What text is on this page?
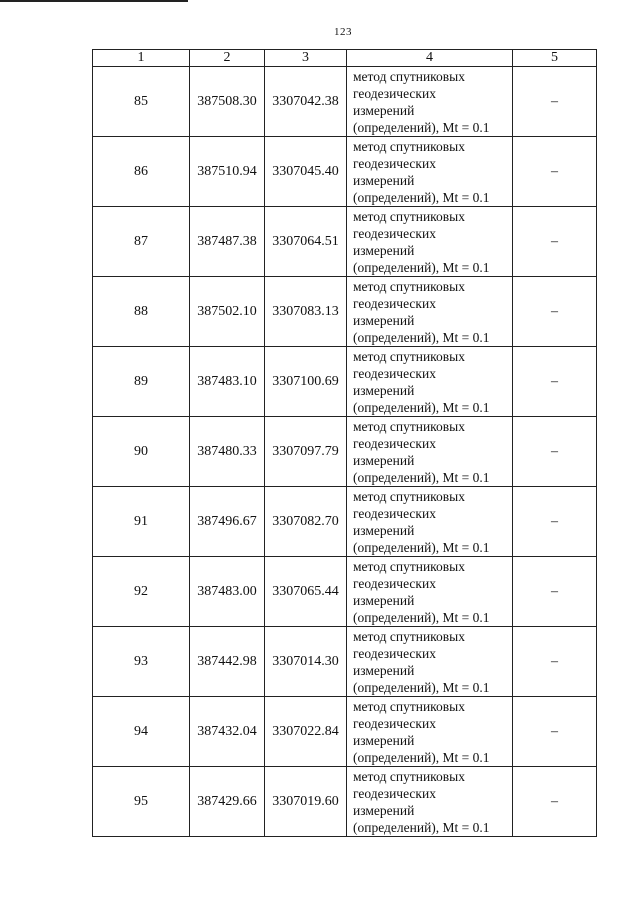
123
1	2	3	4	5
85	387508.30	3307042.38	метод спутниковых
геодезических
измерений
(определений), Mt = 0.1	–
86	387510.94	3307045.40	метод спутниковых
геодезических
измерений
(определений), Mt = 0.1	–
87	387487.38	3307064.51	метод спутниковых
геодезических
измерений
(определений), Mt = 0.1	–
88	387502.10	3307083.13	метод спутниковых
геодезических
измерений
(определений), Mt = 0.1	–
89	387483.10	3307100.69	метод спутниковых
геодезических
измерений
(определений), Mt = 0.1	–
90	387480.33	3307097.79	метод спутниковых
геодезических
измерений
(определений), Mt = 0.1	–
91	387496.67	3307082.70	метод спутниковых
геодезических
измерений
(определений), Mt = 0.1	–
92	387483.00	3307065.44	метод спутниковых
геодезических
измерений
(определений), Mt = 0.1	–
93	387442.98	3307014.30	метод спутниковых
геодезических
измерений
(определений), Mt = 0.1	–
94	387432.04	3307022.84	метод спутниковых
геодезических
измерений
(определений), Mt = 0.1	–
95	387429.66	3307019.60	метод спутниковых
геодезических
измерений
(определений), Mt = 0.1	–
